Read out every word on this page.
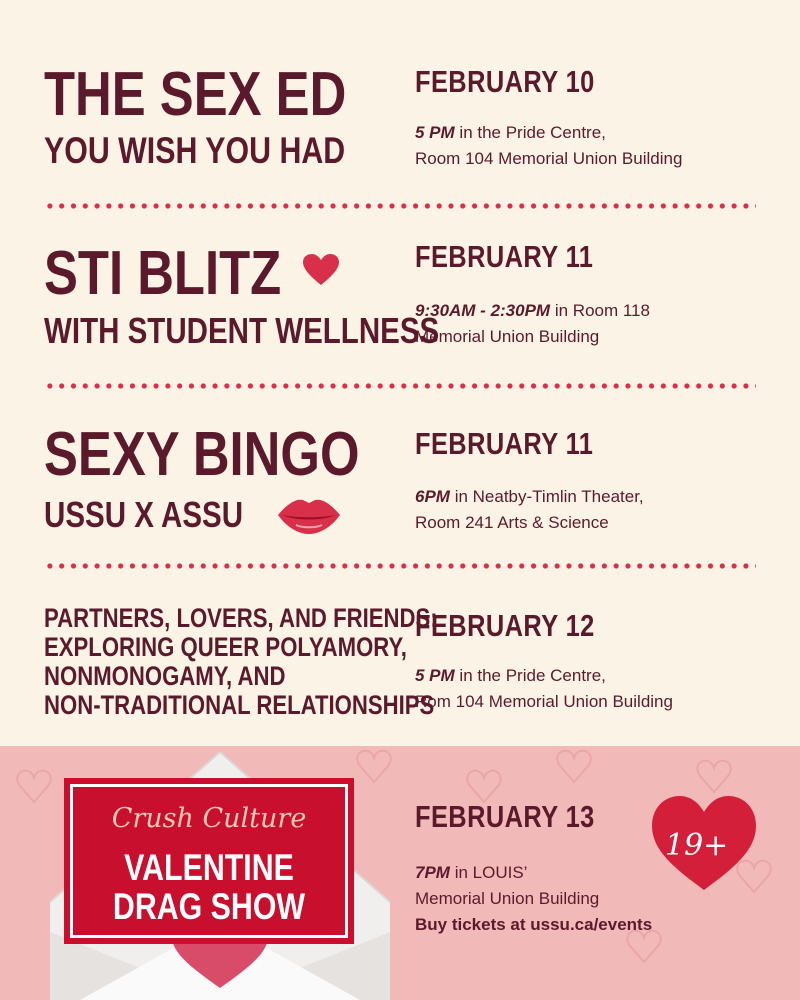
THE SEX ED
YOU WISH YOU HAD
FEBRUARY 10
5 PM in the Pride Centre,
Room 104 Memorial Union Building
STI BLITZ
WITH STUDENT WELLNESS
FEBRUARY 11
9:30AM - 2:30PM in Room 118
Memorial Union Building
SEXY BINGO
USSU X ASSU
FEBRUARY 11
6PM in Neatby-Timlin Theater,
Room 241 Arts & Science
PARTNERS, LOVERS, AND FRIENDS:
EXPLORING QUEER POLYAMORY,
NONMONOGAMY, AND
NON-TRADITIONAL RELATIONSHIPS
FEBRUARY 12
5 PM in the Pride Centre,
Rom 104 Memorial Union Building
Crush Culture
VALENTINE
DRAG SHOW
FEBRUARY 13
7PM in LOUIS’
Memorial Union Building
Buy tickets at ussu.ca/events
19+
